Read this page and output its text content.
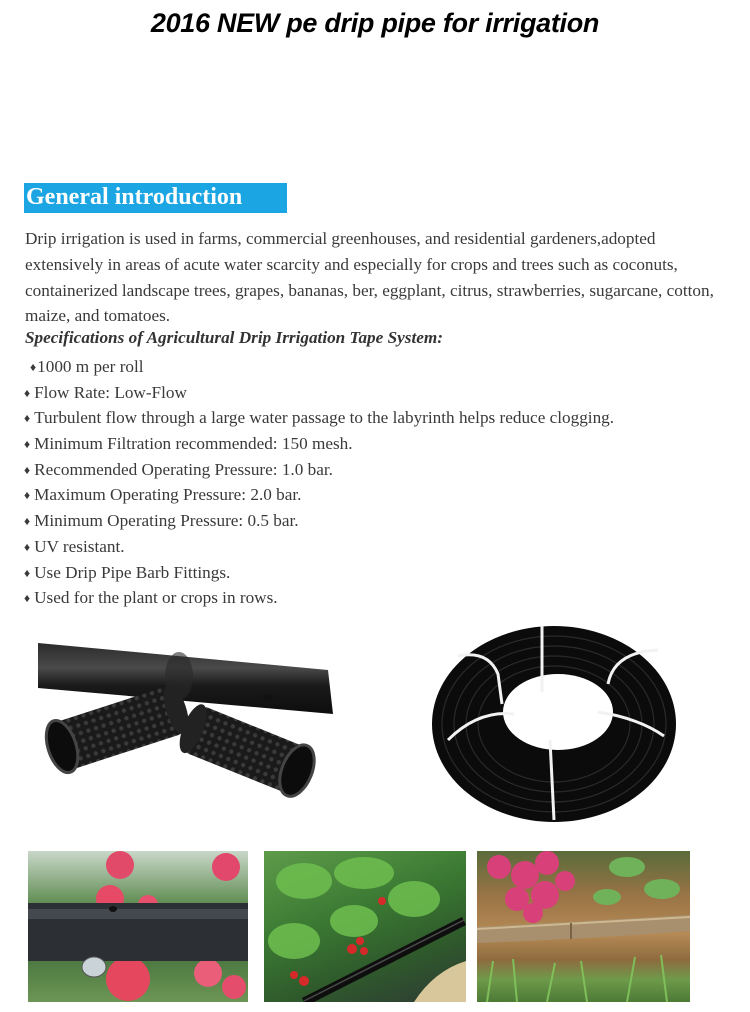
2016 NEW pe drip pipe for irrigation
General introduction

Drip irrigation is used in farms, commercial greenhouses, and residential gardeners,adopted extensively in areas of acute water scarcity and especially for crops and trees such as coconuts, containerized landscape trees, grapes, bananas, ber, eggplant, citrus, strawberries, sugarcane, cotton, maize, and tomatoes.

Specifications of Agricultural Drip Irrigation Tape System:
♦1000 m per roll
♦ Flow Rate: Low-Flow
♦ Turbulent flow through a large water passage to the labyrinth helps reduce clogging.
♦ Minimum Filtration recommended: 150 mesh.
♦ Recommended Operating Pressure: 1.0 bar.
♦ Maximum Operating Pressure: 2.0 bar.
♦ Minimum Operating Pressure: 0.5 bar.
♦ UV resistant.
♦ Use Drip Pipe Barb Fittings.
♦ Used for the plant or crops in rows.
